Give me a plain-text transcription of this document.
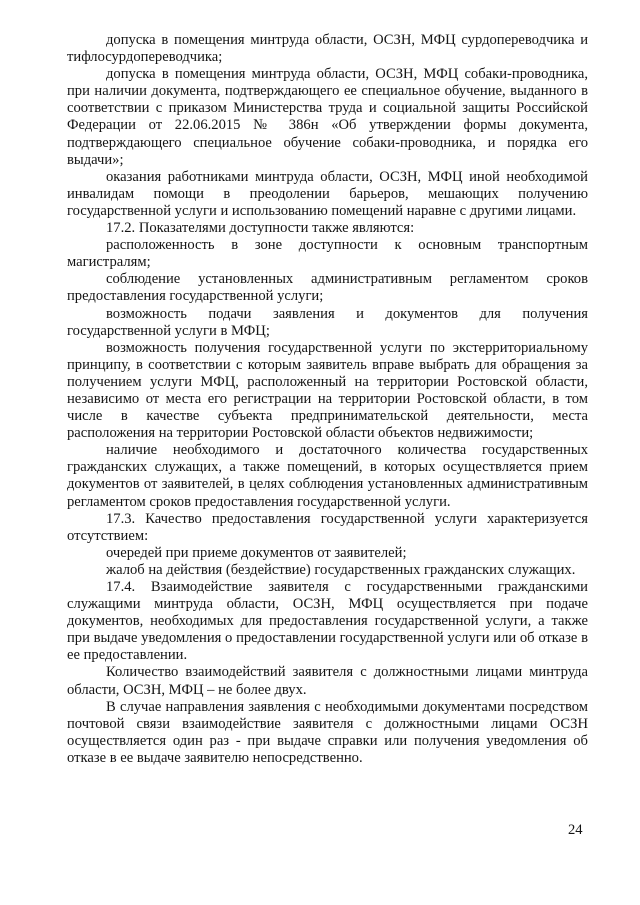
допуска в помещения минтруда области, ОСЗН, МФЦ сурдопереводчика и тифлосурдопереводчика;

допуска в помещения минтруда области, ОСЗН, МФЦ собаки-проводника, при наличии документа, подтверждающего ее специальное обучение, выданного в соответствии с приказом Министерства труда и социальной защиты Российской Федерации от 22.06.2015 № 386н «Об утверждении формы документа, подтверждающего специальное обучение собаки-проводника, и порядка его выдачи»;

оказания работниками минтруда области, ОСЗН, МФЦ иной необходимой инвалидам помощи в преодолении барьеров, мешающих получению государственной услуги и использованию помещений наравне с другими лицами.

17.2. Показателями доступности также являются:

расположенность в зоне доступности к основным транспортным магистралям;

соблюдение установленных административным регламентом сроков предоставления государственной услуги;

возможность подачи заявления и документов для получения государственной услуги в МФЦ;

возможность получения государственной услуги по экстерриториальному принципу, в соответствии с которым заявитель вправе выбрать для обращения за получением услуги МФЦ, расположенный на территории Ростовской области, независимо от места его регистрации на территории Ростовской области, в том числе в качестве субъекта предпринимательской деятельности, места расположения на территории Ростовской области объектов недвижимости;

наличие необходимого и достаточного количества государственных гражданских служащих, а также помещений, в которых осуществляется прием документов от заявителей, в целях соблюдения установленных административным регламентом сроков предоставления государственной услуги.

17.3. Качество предоставления государственной услуги характеризуется отсутствием:

очередей при приеме документов от заявителей;

жалоб на действия (бездействие) государственных гражданских служащих.

17.4. Взаимодействие заявителя с государственными гражданскими служащими минтруда области, ОСЗН, МФЦ осуществляется при подаче документов, необходимых для предоставления государственной услуги, а также при выдаче уведомления о предоставлении государственной услуги или об отказе в ее предоставлении.

Количество взаимодействий заявителя с должностными лицами минтруда области, ОСЗН, МФЦ – не более двух.

В случае направления заявления с необходимыми документами посредством почтовой связи взаимодействие заявителя с должностными лицами ОСЗН осуществляется один раз - при выдаче справки или получения уведомления об отказе в ее выдаче заявителю непосредственно.

24
